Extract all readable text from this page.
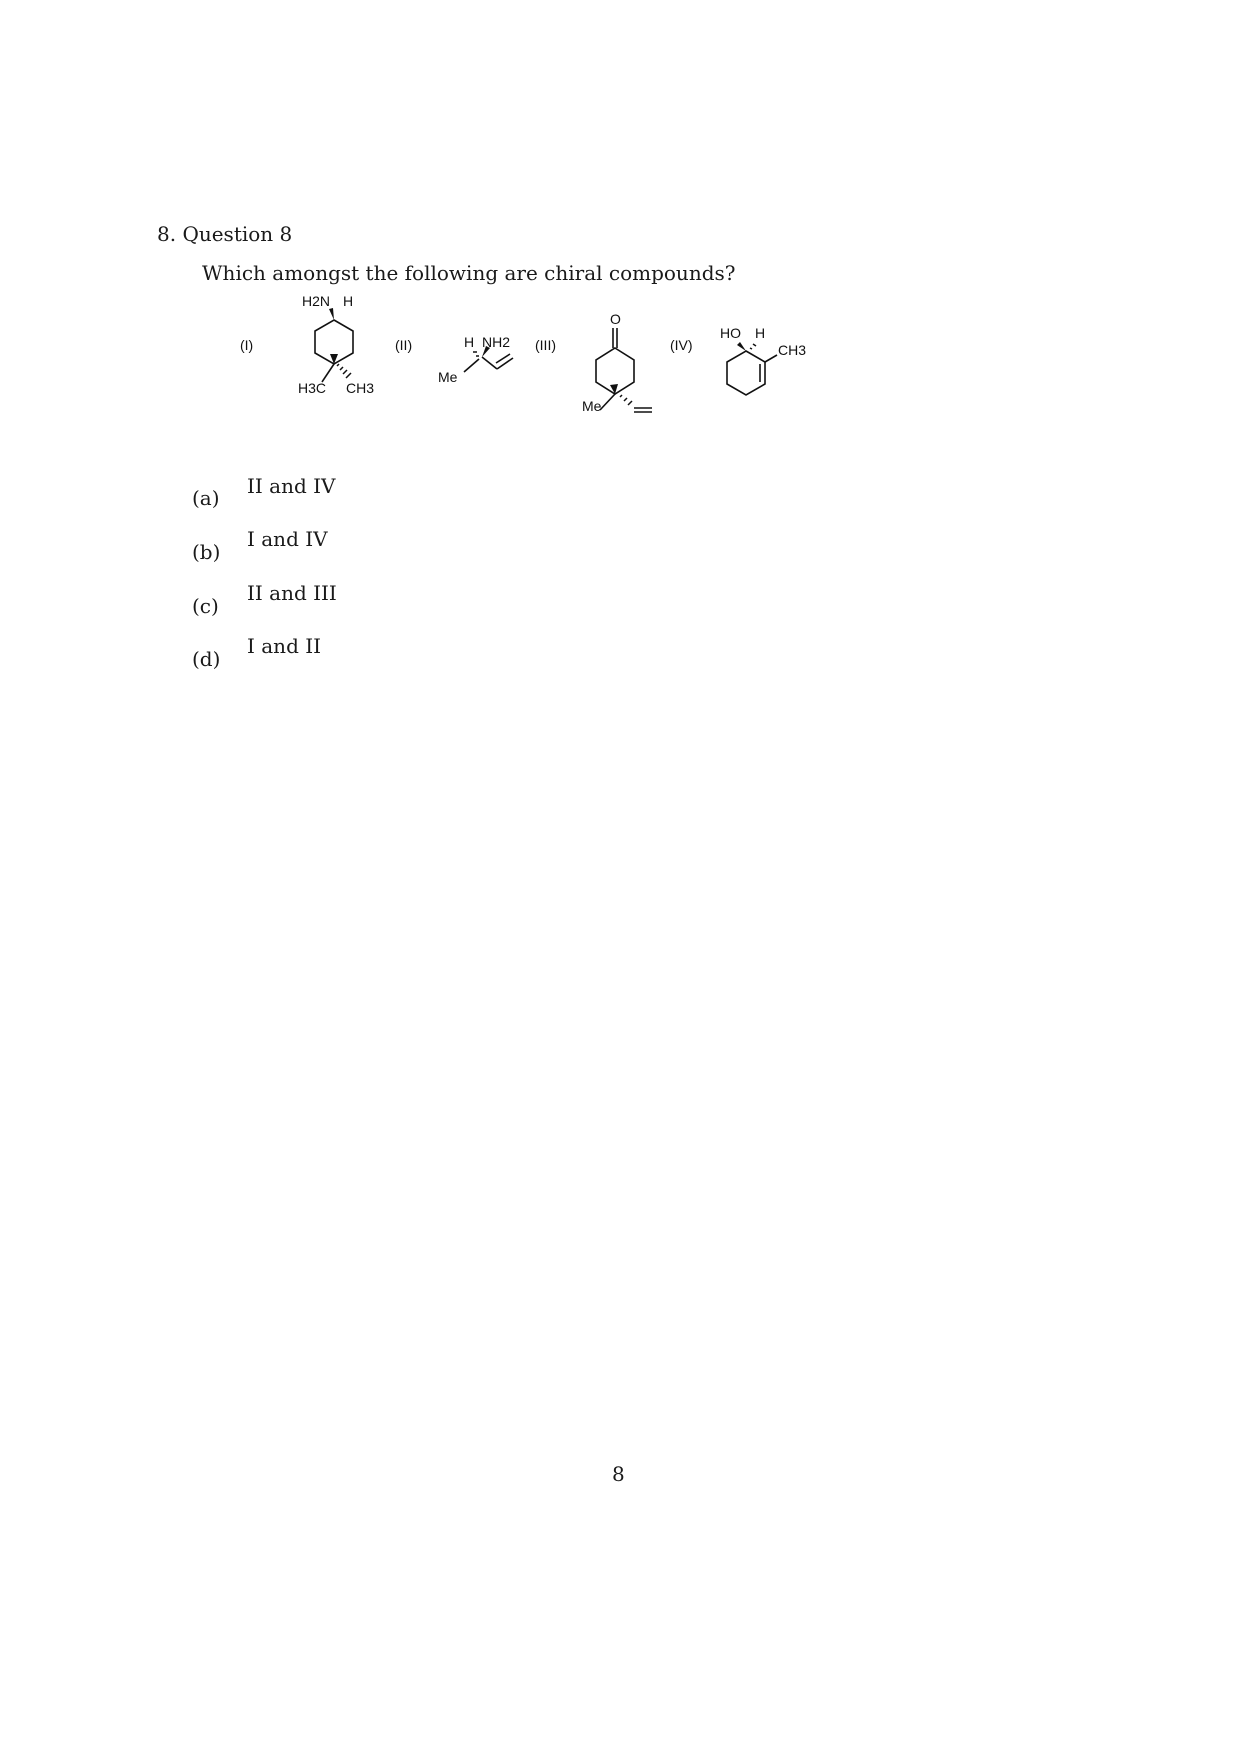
8. Question 8
Which amongst the following are chiral compounds?
(I)
H2N H
H3C CH3
(II)	H NH2
Me
(III)
O
Me
(IV)
HO H
CH3
(a) II and IV
(b)
I and IV
(c)
II and III
(d)
I and II
8
